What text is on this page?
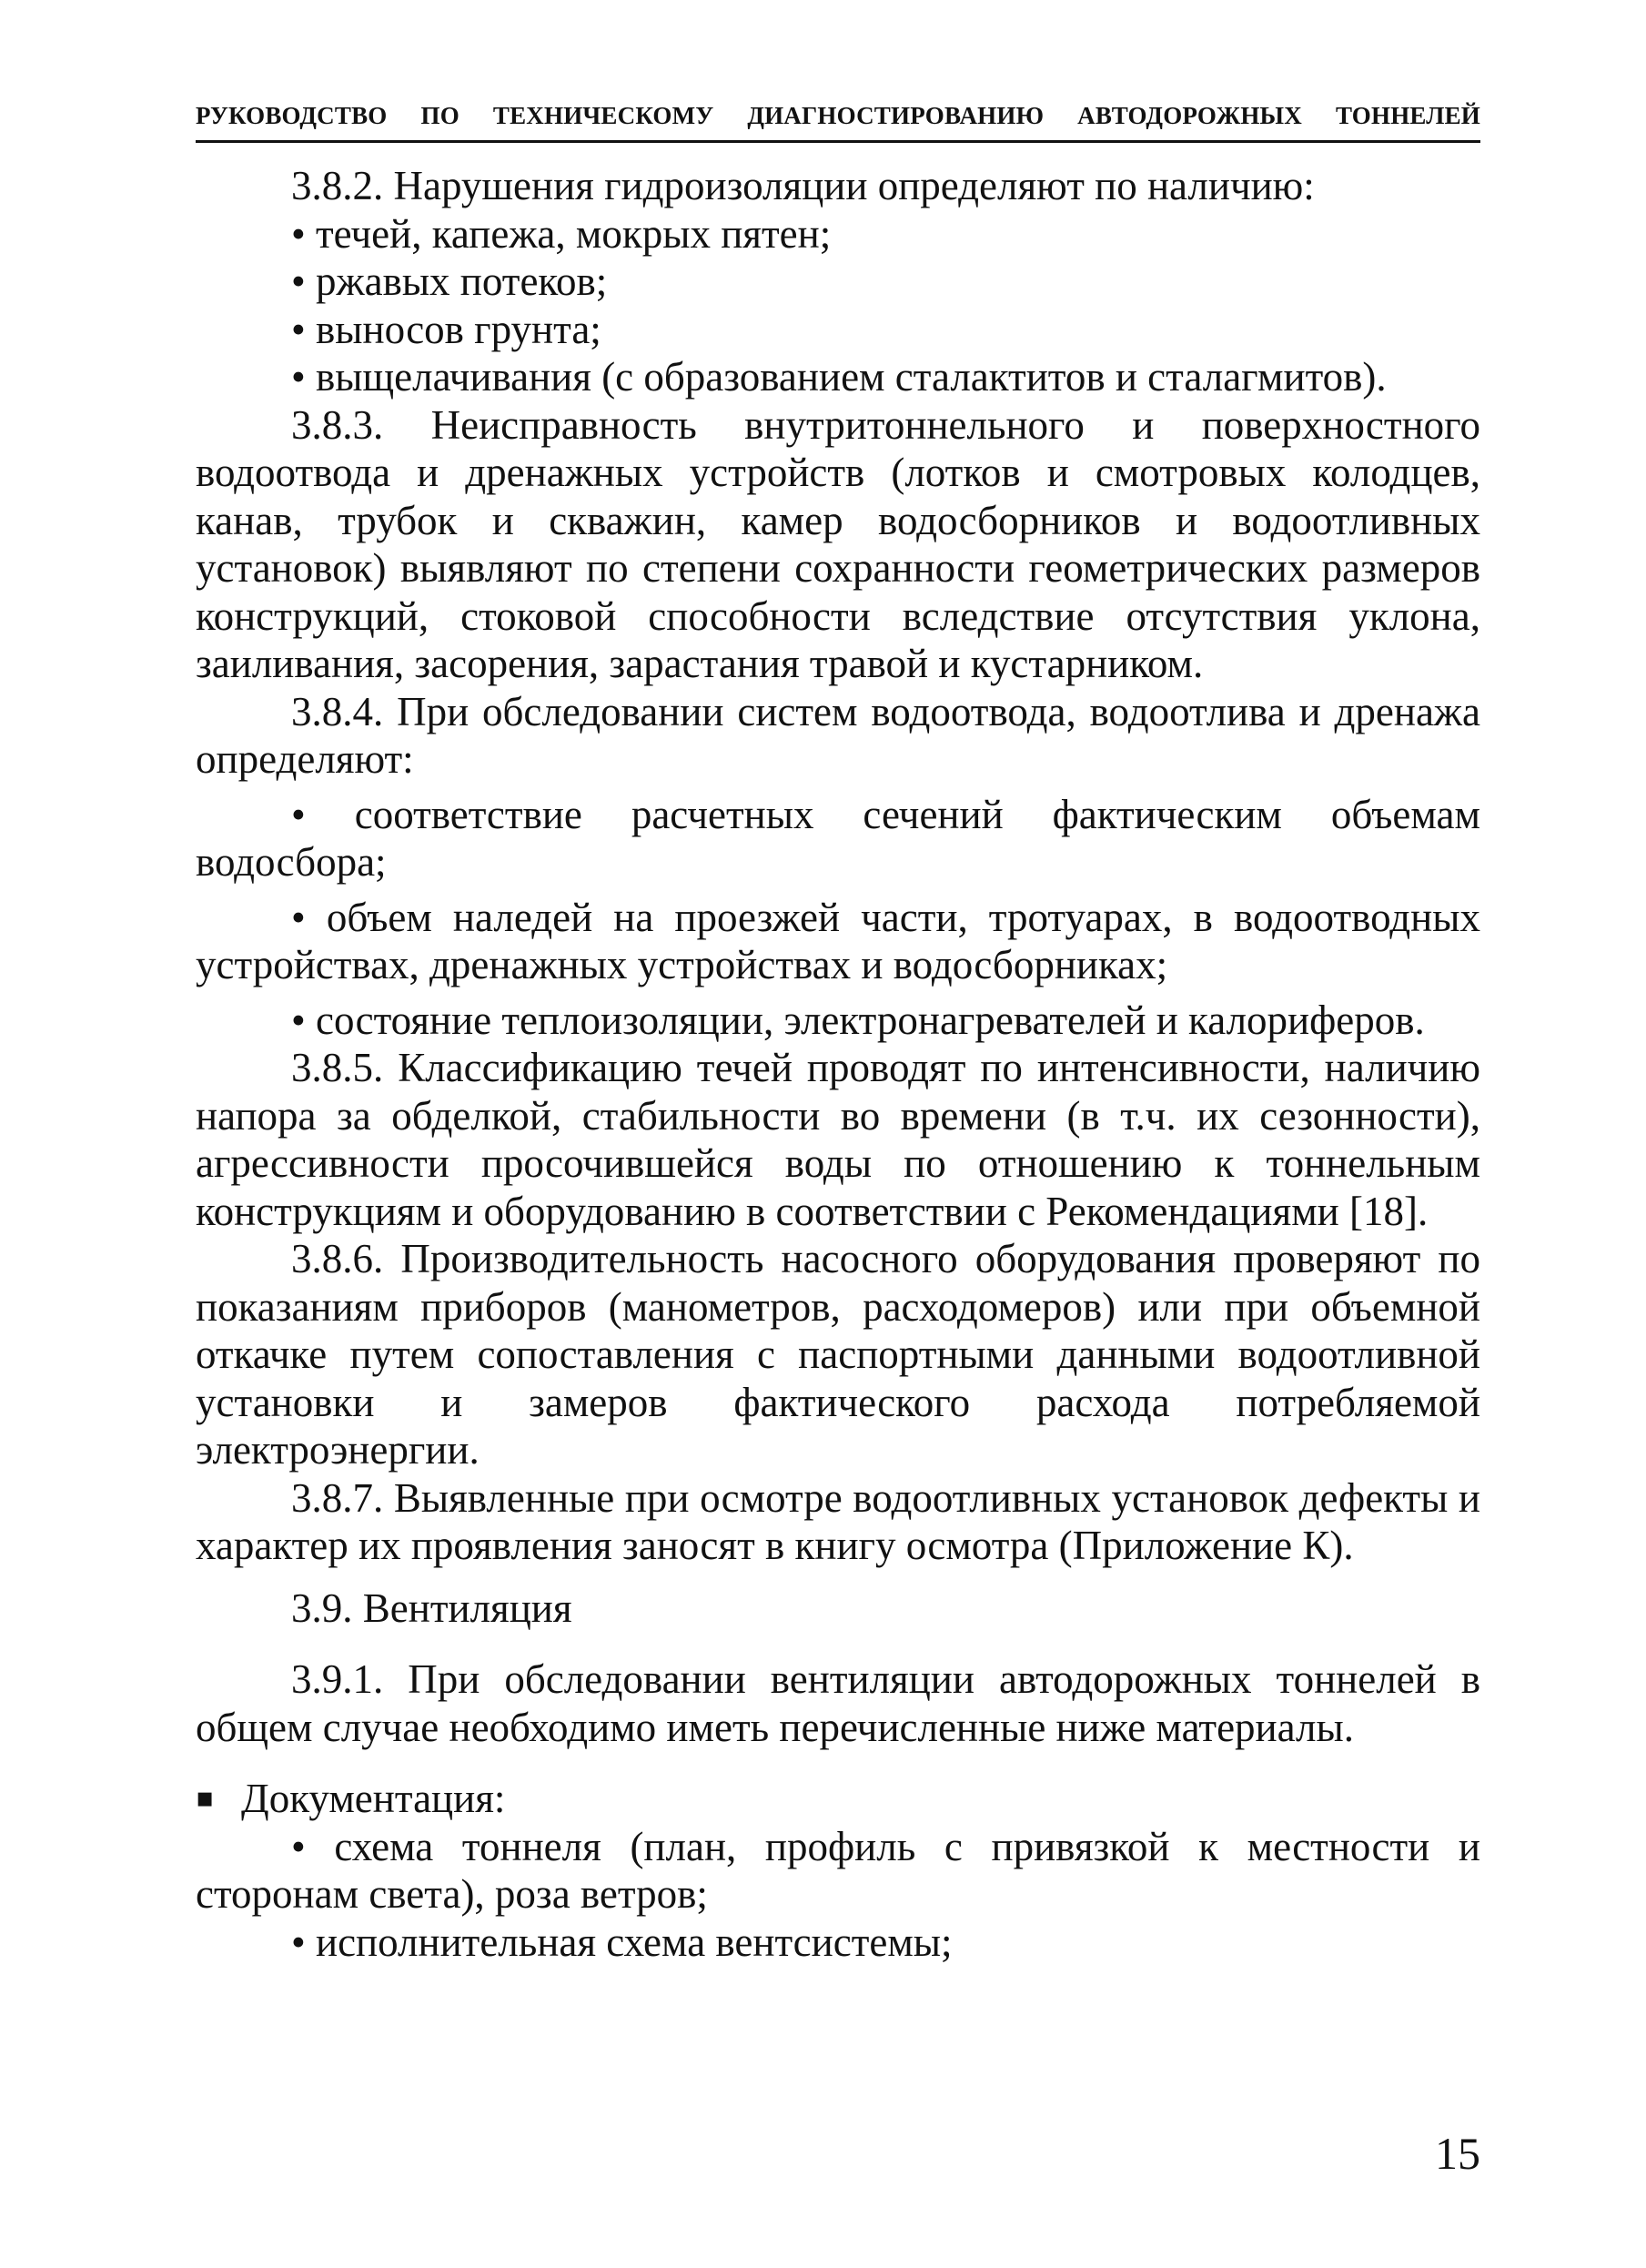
РУКОВОДСТВО ПО ТЕХНИЧЕСКОМУ ДИАГНОСТИРОВАНИЮ АВТОДОРОЖНЫХ ТОННЕЛЕЙ

3.8.2. Нарушения гидроизоляции определяют по наличию:

• течей, капежа, мокрых пятен;

• ржавых потеков;

• выносов грунта;

• выщелачивания (с образованием сталактитов и сталагмитов).

3.8.3. Неисправность внутритоннельного и поверхностного водоотвода и дренажных устройств (лотков и смотровых колодцев, канав, трубок и скважин, камер водосборников и водоотливных установок) выявляют по степени сохранности геометрических размеров конструкций, стоковой способности вследствие отсутствия уклона, заиливания, засорения, зарастания травой и кустарником.

3.8.4. При обследовании систем водоотвода, водоотлива и дренажа определяют:

• соответствие расчетных сечений фактическим объемам водосбора;

• объем наледей на проезжей части, тротуарах, в водоотводных устройствах, дренажных устройствах и водосборниках;

• состояние теплоизоляции, электронагревателей и калориферов.

3.8.5. Классификацию течей проводят по интенсивности, наличию напора за обделкой, стабильности во времени (в т.ч. их сезонности), агрессивности просочившейся воды по отношению к тоннельным конструкциям и оборудованию в соответствии с Рекомендациями [18].

3.8.6. Производительность насосного оборудования проверяют по показаниям приборов (манометров, расходомеров) или при объемной откачке путем сопоставления с паспортными данными водоотливной установки и замеров фактического расхода потребляемой электроэнергии.

3.8.7. Выявленные при осмотре водоотливных установок дефекты и характер их проявления заносят в книгу осмотра (Приложение К).

3.9. Вентиляция

3.9.1. При обследовании вентиляции автодорожных тоннелей в общем случае необходимо иметь перечисленные ниже материалы.

▪ Документация:

• схема тоннеля (план, профиль с привязкой к местности и сторонам света), роза ветров;

• исполнительная схема вентсистемы;

15
